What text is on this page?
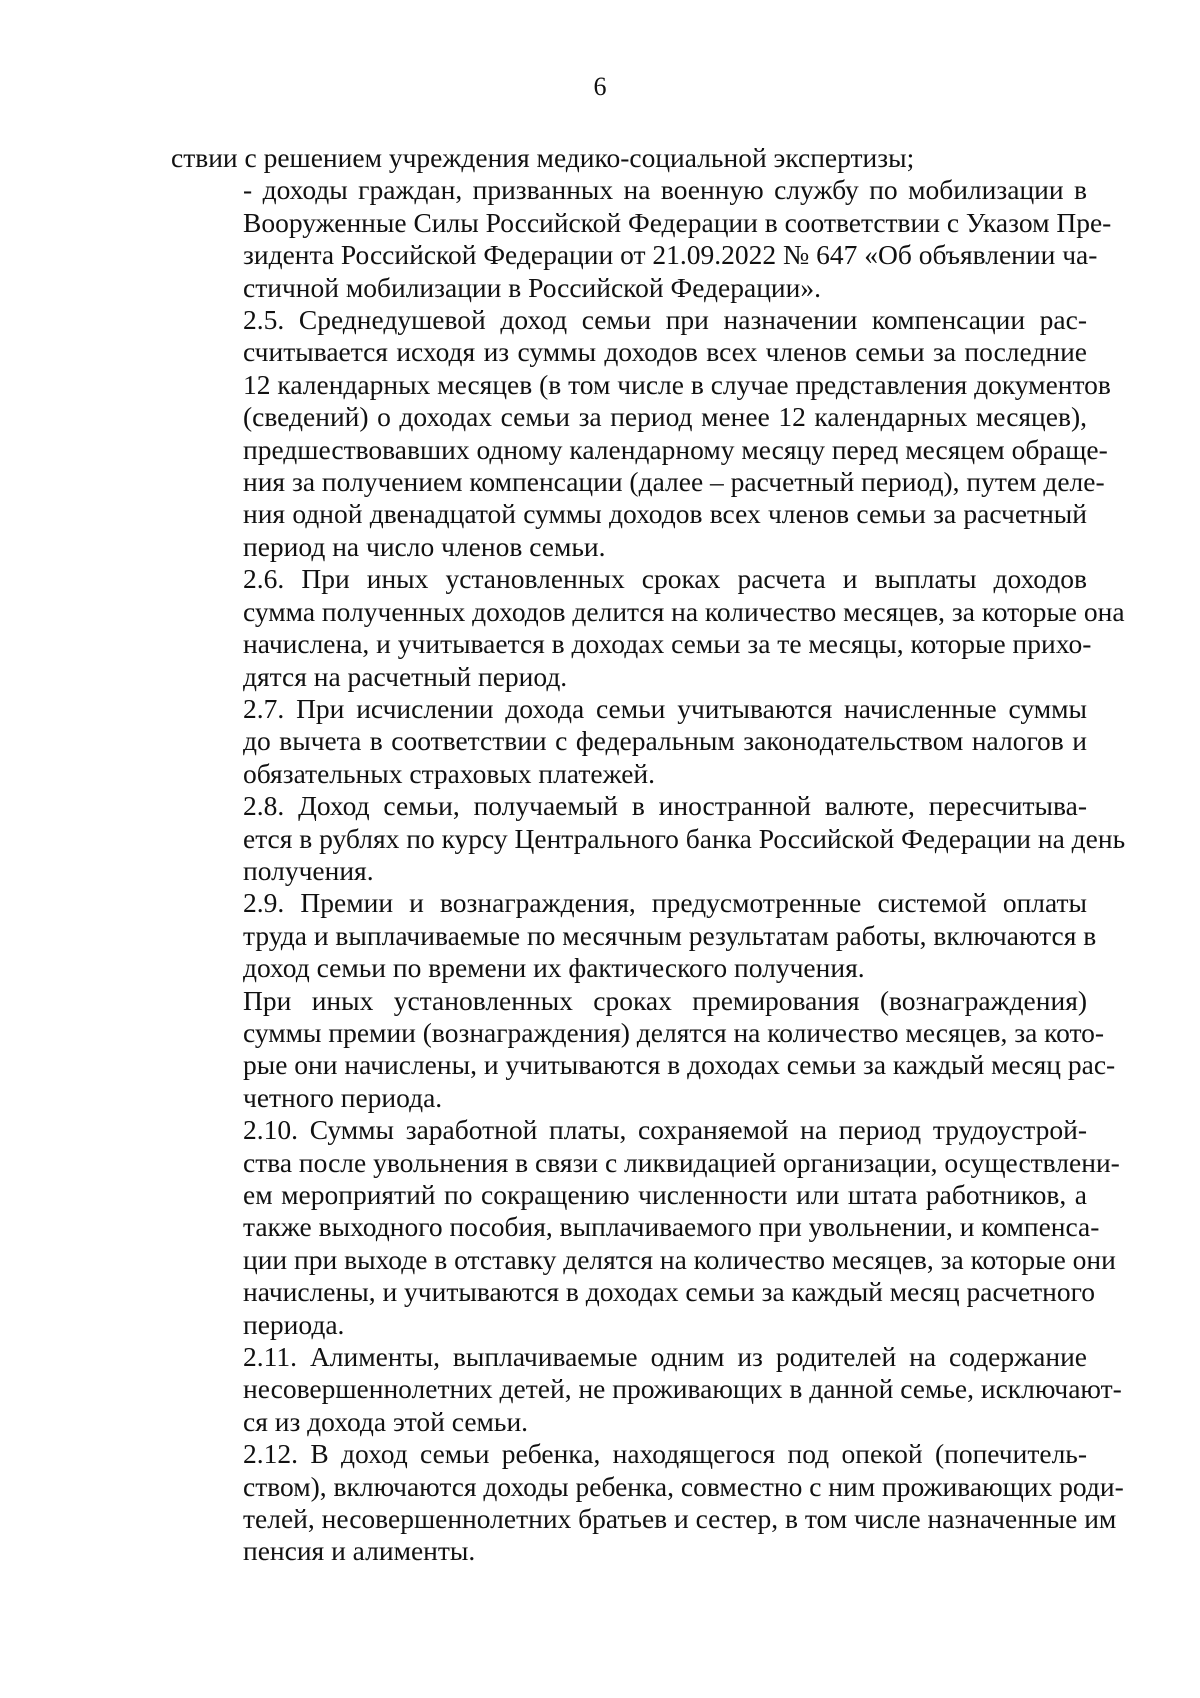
6

ствии с решением учреждения медико-социальной экспертизы;

- доходы граждан, призванных на военную службу по мобилизации в
Вооруженные Силы Российской Федерации в соответствии с Указом Пре-
зидента Российской Федерации от 21.09.2022 № 647 «Об объявлении ча-
стичной мобилизации в Российской Федерации».

2.5. Среднедушевой доход семьи при назначении компенсации рас-
считывается исходя из суммы доходов всех членов семьи за последние
12 календарных месяцев (в том числе в случае представления документов
(сведений) о доходах семьи за период менее 12 календарных месяцев),
предшествовавших одному календарному месяцу перед месяцем обраще-
ния за получением компенсации (далее – расчетный период), путем деле-
ния одной двенадцатой суммы доходов всех членов семьи за расчетный
период на число членов семьи.

2.6. При иных установленных сроках расчета и выплаты доходов
сумма полученных доходов делится на количество месяцев, за которые она
начислена, и учитывается в доходах семьи за те месяцы, которые прихо-
дятся на расчетный период.

2.7. При исчислении дохода семьи учитываются начисленные суммы
до вычета в соответствии с федеральным законодательством налогов и
обязательных страховых платежей.

2.8. Доход семьи, получаемый в иностранной валюте, пересчитыва-
ется в рублях по курсу Центрального банка Российской Федерации на день
получения.

2.9. Премии и вознаграждения, предусмотренные системой оплаты
труда и выплачиваемые по месячным результатам работы, включаются в
доход семьи по времени их фактического получения.

При иных установленных сроках премирования (вознаграждения)
суммы премии (вознаграждения) делятся на количество месяцев, за кото-
рые они начислены, и учитываются в доходах семьи за каждый месяц рас-
четного периода.

2.10. Суммы заработной платы, сохраняемой на период трудоустрой-
ства после увольнения в связи с ликвидацией организации, осуществлени-
ем мероприятий по сокращению численности или штата работников, а
также выходного пособия, выплачиваемого при увольнении, и компенса-
ции при выходе в отставку делятся на количество месяцев, за которые они
начислены, и учитываются в доходах семьи за каждый месяц расчетного
периода.

2.11. Алименты, выплачиваемые одним из родителей на содержание
несовершеннолетних детей, не проживающих в данной семье, исключают-
ся из дохода этой семьи.

2.12. В доход семьи ребенка, находящегося под опекой (попечитель-
ством), включаются доходы ребенка, совместно с ним проживающих роди-
телей, несовершеннолетних братьев и сестер, в том числе назначенные им
пенсия и алименты.
